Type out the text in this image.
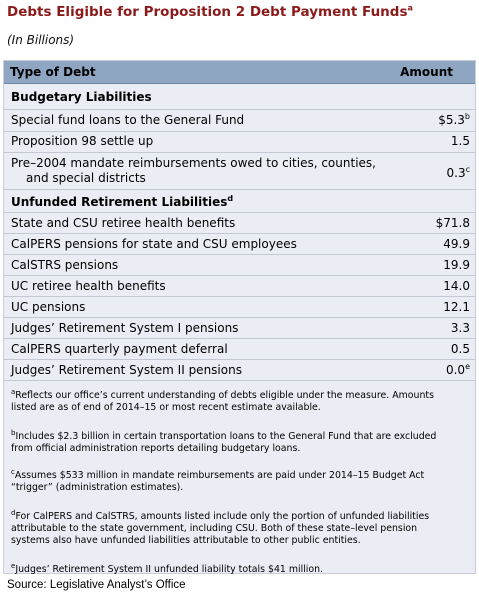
Debts Eligible for Proposition 2 Debt Payment Funds$^a$
(In Billions)
Type of Debt	Amount
Budgetary Liabilities
Special fund loans to the General Fund	$5.3$^b$
Proposition 98 settle up	1.5
Pre–2004 mandate reimbursements owed to cities, counties,
and special districts	0.3$^c$
Unfunded Retirement Liabilities$^d$
State and CSU retiree health benefits	$71.8
CalPERS pensions for state and CSU employees	49.9
CalSTRS pensions	19.9
UC retiree health benefits	14.0
UC pensions	12.1
Judges’ Retirement System I pensions	3.3
CalPERS quarterly payment deferral	0.5
Judges’ Retirement System II pensions	0.0e
$^a$Reflects our office’s current understanding of debts eligible under the measure. Amounts
listed are as of end of 2014–15 or most recent estimate available.
$^b$Includes $2.3 billion in certain transportation loans to the General Fund that are excluded
from official administration reports detailing budgetary loans.
$^c$Assumes $533 million in mandate reimbursements are paid under 2014–15 Budget Act
“trigger” (administration estimates).
$^d$For CalPERS and CalSTRS, amounts listed include only the portion of unfunded liabilities
attributable to the state government, including CSU. Both of these state–level pension
systems also have unfunded liabilities attributable to other public entities.
$^e$Judges’ Retirement System II unfunded liability totals $41 million.
Source: Legislative Analyst’s Office
